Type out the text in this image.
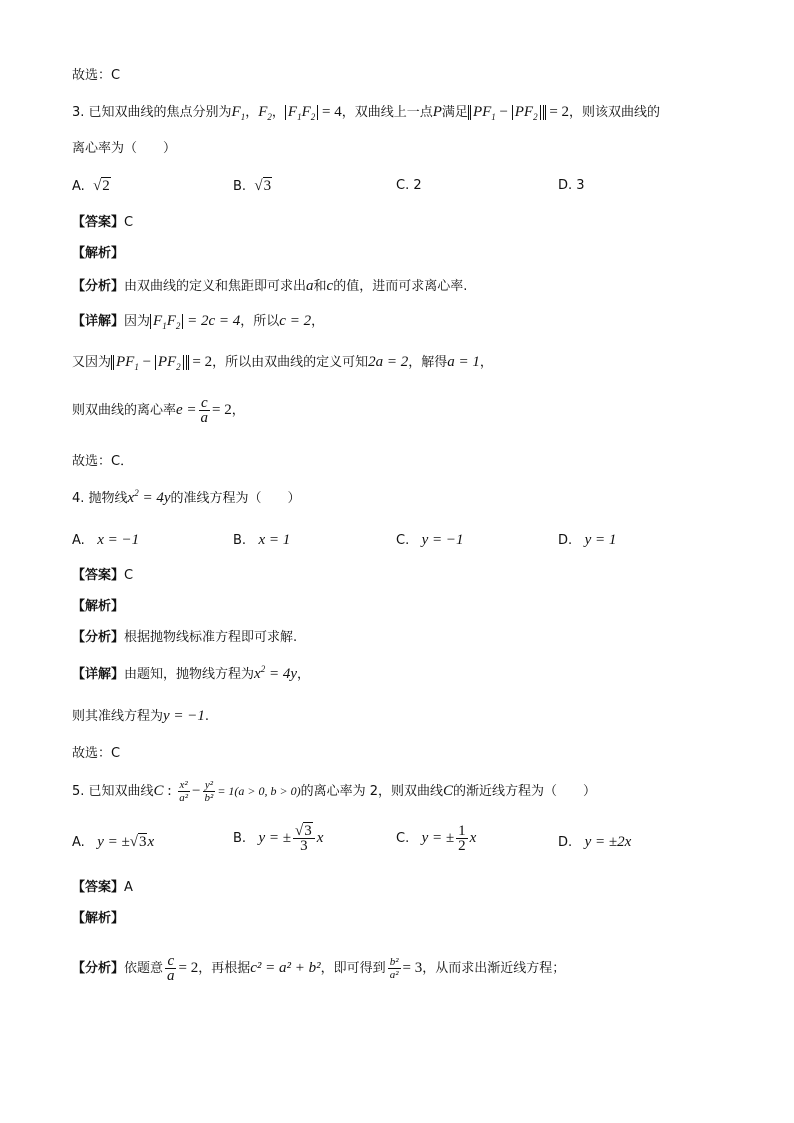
故选：C
3. 已知双曲线的焦点分别为$F_1$，$F_2$， $F_1F_2 = 4$，双曲线上一点P满足 $PF_1 - PF_2 = 2$，则该双曲线的
离心率为（　　）
A. √2	B. √3	C. 2	D. 3
【答案】C
【解析】
【分析】由双曲线的定义和焦距即可求出a和c的值，进而可求离心率.
【详解】因为 $F_1F_2 = 2c = 4$，所以c = 2，
又因为 $PF_1 - PF_2 = 2$，所以由双曲线的定义可知2a = 2，解得a = 1，
则双曲线的离心率$e = \frac{c}{a} = 2$，
故选：C．
4. 抛物线$x^2 = 4y$的准线方程为（　　）
A. x = −1	B. x = 1	C. y = −1	D. y = 1
【答案】C
【解析】
【分析】根据抛物线标准方程即可求解.
【详解】由题知，抛物线方程为$x^2 = 4y$，
则其准线方程为y = −1.
故选：C
5. 已知双曲线C : $\frac{\text{x²}}{\text{a²}} - \frac{\text{y²}}{\text{b²}} = 1(a > 0$, b > 0)的离心率为 2，则双曲线C的渐近线方程为（　　）
A. y = ±√3x	B. y = ± $\frac{√3}{3}$ x	C. y = ± $\frac{1}{2}$ x	D. y = ±2x
【答案】A
【解析】
【分析】依题意 $\frac{c}{a} = 2$，再根据c² = a² + b²，即可得到 $\frac{\text{b²}}{\text{a²}} = 3$，从而求出渐近线方程；
